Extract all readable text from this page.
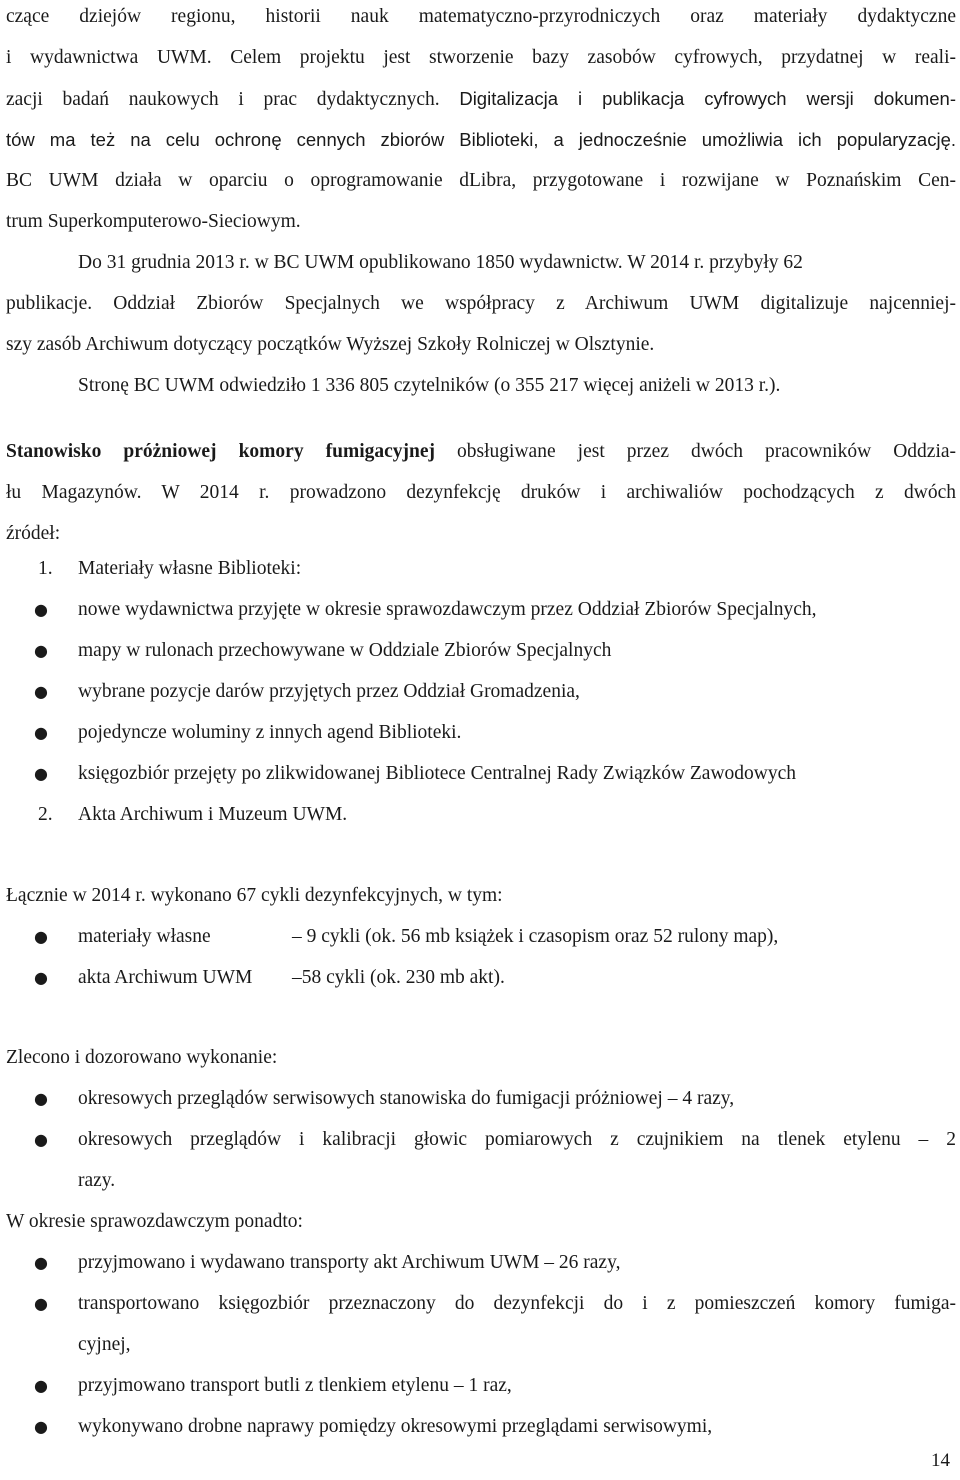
czące dziejów regionu, historii nauk matematyczno-przyrodniczych oraz materiały dydaktyczne
i wydawnictwa UWM. Celem projektu jest stworzenie bazy zasobów cyfrowych, przydatnej w reali-
zacji badań naukowych i prac dydaktycznych. Digitalizacja i publikacja cyfrowych wersji dokumen-
tów ma też na celu ochronę cennych zbiorów Biblioteki, a jednocześnie umożliwia ich popularyzację.
BC UWM działa w oparciu o oprogramowanie dLibra, przygotowane i rozwijane w Poznańskim Cen-
trum Superkomputerowo-Sieciowym.
Do 31 grudnia 2013 r. w BC UWM opublikowano 1850 wydawnictw. W 2014 r. przybyły 62
publikacje. Oddział Zbiorów Specjalnych we współpracy z Archiwum UWM digitalizuje najcenniej-
szy zasób Archiwum dotyczący początków Wyższej Szkoły Rolniczej w Olsztynie.
Stronę BC UWM odwiedziło 1 336 805 czytelników (o 355 217 więcej aniżeli w 2013 r.).
Stanowisko próżniowej komory fumigacyjnej obsługiwane jest przez dwóch pracowników Oddzia-
łu Magazynów. W 2014 r. prowadzono dezynfekcję druków i archiwaliów pochodzących z dwóch
źródeł:
1. Materiały własne Biblioteki:
● nowe wydawnictwa przyjęte w okresie sprawozdawczym przez Oddział Zbiorów Specjalnych,
● mapy w rulonach przechowywane w Oddziale Zbiorów Specjalnych
● wybrane pozycje darów przyjętych przez Oddział Gromadzenia,
● pojedyncze woluminy z innych agend Biblioteki.
● księgozbiór przejęty po zlikwidowanej Bibliotece Centralnej Rady Związków Zawodowych
2. Akta Archiwum i Muzeum UWM.
Łącznie w 2014 r. wykonano 67 cykli dezynfekcyjnych, w tym:
● materiały własne	– 9 cykli (ok. 56 mb książek i czasopism oraz 52 rulony map),
● akta Archiwum UWM –58 cykli (ok. 230 mb akt).
Zlecono i dozorowano wykonanie:
● okresowych przeglądów serwisowych stanowiska do fumigacji próżniowej – 4 razy,
● okresowych przeglądów i kalibracji głowic pomiarowych z czujnikiem na tlenek etylenu – 2
razy.
W okresie sprawozdawczym ponadto:
● przyjmowano i wydawano transporty akt Archiwum UWM – 26 razy,
● transportowano księgozbiór przeznaczony do dezynfekcji do i z pomieszczeń komory fumiga-
cyjnej,
● przyjmowano transport butli z tlenkiem etylenu – 1 raz,
● wykonywano drobne naprawy pomiędzy okresowymi przeglądami serwisowymi,
14
